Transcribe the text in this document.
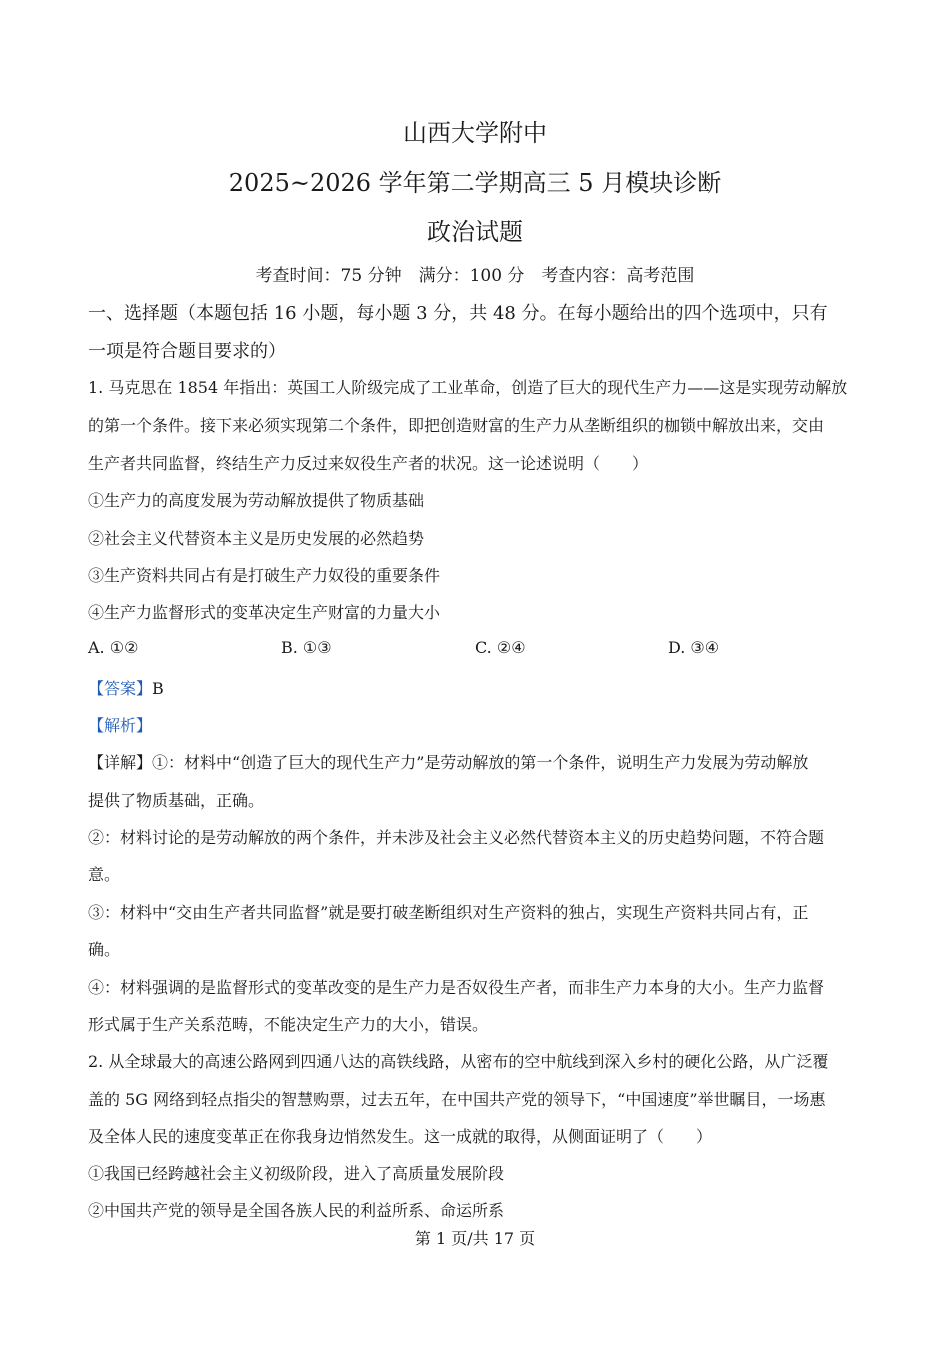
山西大学附中
2025~2026 学年第二学期高三 5 月模块诊断
政治试题
考查时间：75 分钟　满分：100 分　考查内容：高考范围
一、选择题（本题包括 16 小题，每小题 3 分，共 48 分。在每小题给出的四个选项中，只有
一项是符合题目要求的）
1. 马克思在 1854 年指出：英国工人阶级完成了工业革命，创造了巨大的现代生产力——这是实现劳动解放
的第一个条件。接下来必须实现第二个条件，即把创造财富的生产力从垄断组织的枷锁中解放出来，交由
生产者共同监督，终结生产力反过来奴役生产者的状况。这一论述说明（　　）
①生产力的高度发展为劳动解放提供了物质基础
②社会主义代替资本主义是历史发展的必然趋势
③生产资料共同占有是打破生产力奴役的重要条件
④生产力监督形式的变革决定生产财富的力量大小
A. ①②	B. ①③	C. ②④	D. ③④
【答案】B
【解析】
【详解】①：材料中“创造了巨大的现代生产力”是劳动解放的第一个条件，说明生产力发展为劳动解放
提供了物质基础，正确。
②：材料讨论的是劳动解放的两个条件，并未涉及社会主义必然代替资本主义的历史趋势问题，不符合题
意。
③：材料中“交由生产者共同监督”就是要打破垄断组织对生产资料的独占，实现生产资料共同占有，正
确。
④：材料强调的是监督形式的变革改变的是生产力是否奴役生产者，而非生产力本身的大小。生产力监督
形式属于生产关系范畴，不能决定生产力的大小，错误。
2. 从全球最大的高速公路网到四通八达的高铁线路，从密布的空中航线到深入乡村的硬化公路，从广泛覆
盖的 5G 网络到轻点指尖的智慧购票，过去五年，在中国共产党的领导下，“中国速度”举世瞩目，一场惠
及全体人民的速度变革正在你我身边悄然发生。这一成就的取得，从侧面证明了（　　）
①我国已经跨越社会主义初级阶段，进入了高质量发展阶段
②中国共产党的领导是全国各族人民的利益所系、命运所系
第 1 页/共 17 页
